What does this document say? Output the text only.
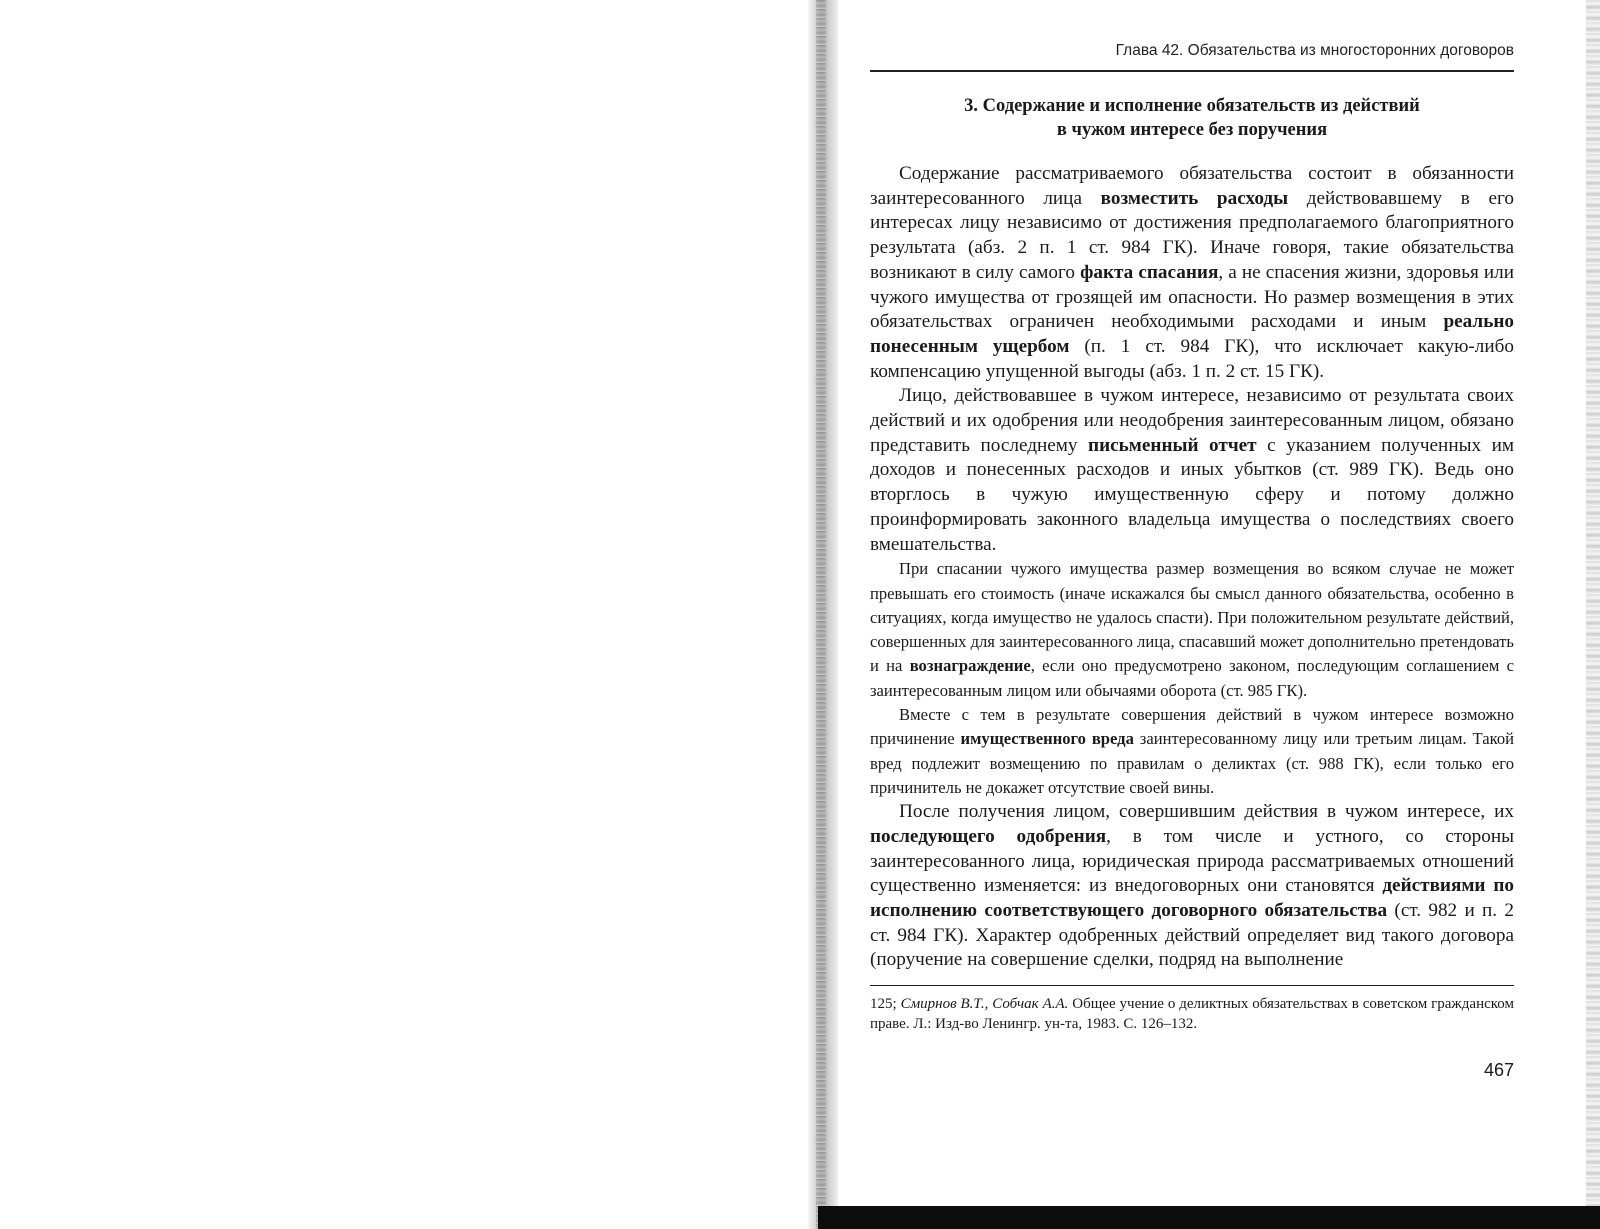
Глава 42. Обязательства из многосторонних договоров
3. Содержание и исполнение обязательств из действий
в чужом интересе без поручения

Содержание рассматриваемого обязательства состоит в обязанности заинтересованного лица возместить расходы действовавшему в его интересах лицу независимо от достижения предполагаемого благоприятного результата (абз. 2 п. 1 ст. 984 ГК). Иначе говоря, такие обязательства возникают в силу самого факта спасания, а не спасения жизни, здоровья или чужого имущества от грозящей им опасности. Но размер возмещения в этих обязательствах ограничен необходимыми расходами и иным реально понесенным ущербом (п. 1 ст. 984 ГК), что исключает какую-либо компенсацию упущенной выгоды (абз. 1 п. 2 ст. 15 ГК).

Лицо, действовавшее в чужом интересе, независимо от результата своих действий и их одобрения или неодобрения заинтересованным лицом, обязано представить последнему письменный отчет с указанием полученных им доходов и понесенных расходов и иных убытков (ст. 989 ГК). Ведь оно вторглось в чужую имущественную сферу и потому должно проинформировать законного владельца имущества о последствиях своего вмешательства.

При спасании чужого имущества размер возмещения во всяком случае не может превышать его стоимость (иначе искажался бы смысл данного обязательства, особенно в ситуациях, когда имущество не удалось спасти). При положительном результате действий, совершенных для заинтересованного лица, спасавший может дополнительно претендовать и на вознаграждение, если оно предусмотрено законом, последующим соглашением с заинтересованным лицом или обычаями оборота (ст. 985 ГК).

Вместе с тем в результате совершения действий в чужом интересе возможно причинение имущественного вреда заинтересованному лицу или третьим лицам. Такой вред подлежит возмещению по правилам о деликтах (ст. 988 ГК), если только его причинитель не докажет отсутствие своей вины.

После получения лицом, совершившим действия в чужом интересе, их последующего одобрения, в том числе и устного, со стороны заинтересованного лица, юридическая природа рассматриваемых отношений существенно изменяется: из внедоговорных они становятся действиями по исполнению соответствующего договорного обязательства (ст. 982 и п. 2 ст. 984 ГК). Характер одобренных действий определяет вид такого договора (поручение на совершение сделки, подряд на выполнение

125; Смирнов В.Т., Собчак А.А. Общее учение о деликтных обязательствах в советском гражданском праве. Л.: Изд-во Ленингр. ун-та, 1983. С. 126–132.
467
